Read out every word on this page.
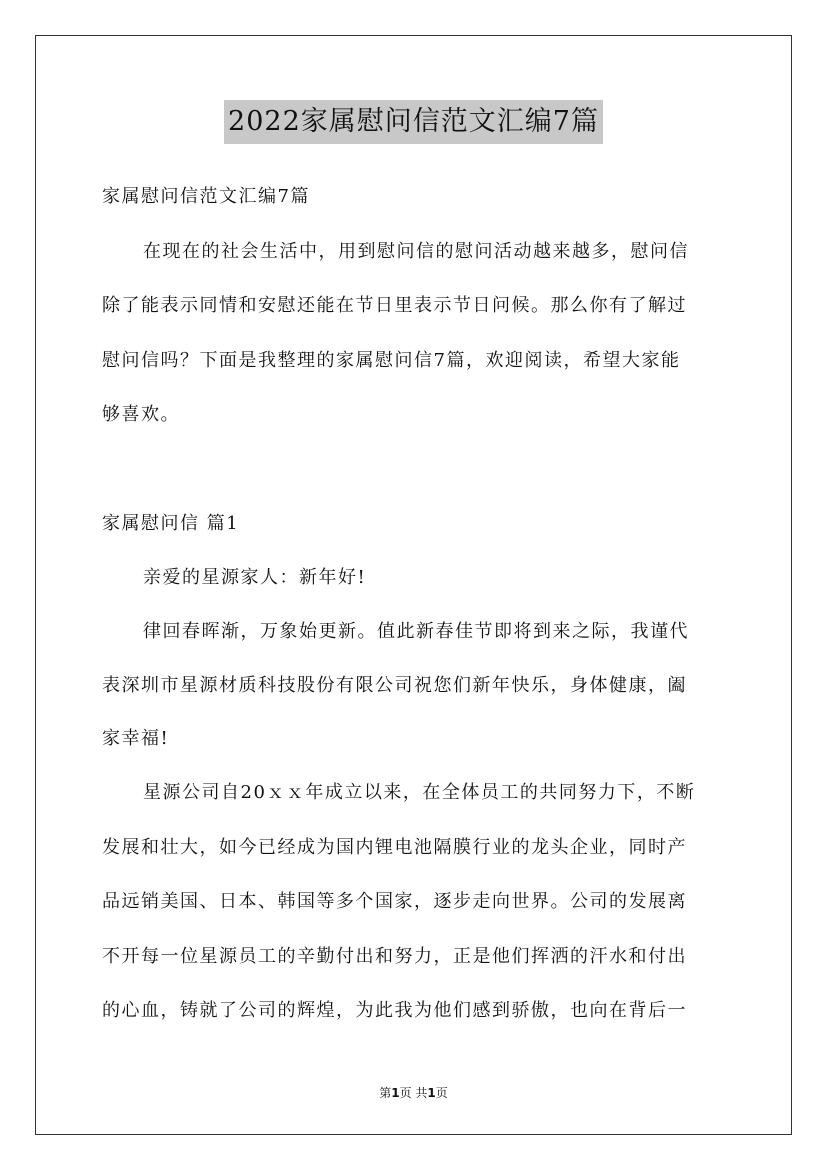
2022家属慰问信范文汇编7篇
家属慰问信范文汇编7篇
在现在的社会生活中，用到慰问信的慰问活动越来越多，慰问信
除了能表示同情和安慰还能在节日里表示节日问候。那么你有了解过
慰问信吗？下面是我整理的家属慰问信7篇，欢迎阅读，希望大家能
够喜欢。
家属慰问信 篇1
亲爱的星源家人：新年好!
律回春晖渐，万象始更新。值此新春佳节即将到来之际，我谨代
表深圳市星源材质科技股份有限公司祝您们新年快乐，身体健康，阖
家幸福!
星源公司自20ｘｘ年成立以来，在全体员工的共同努力下，不断
发展和壮大，如今已经成为国内锂电池隔膜行业的龙头企业，同时产
品远销美国、日本、韩国等多个国家，逐步走向世界。公司的发展离
不开每一位星源员工的辛勤付出和努力，正是他们挥洒的汗水和付出
的心血，铸就了公司的辉煌，为此我为他们感到骄傲，也向在背后一
第1页 共1页
